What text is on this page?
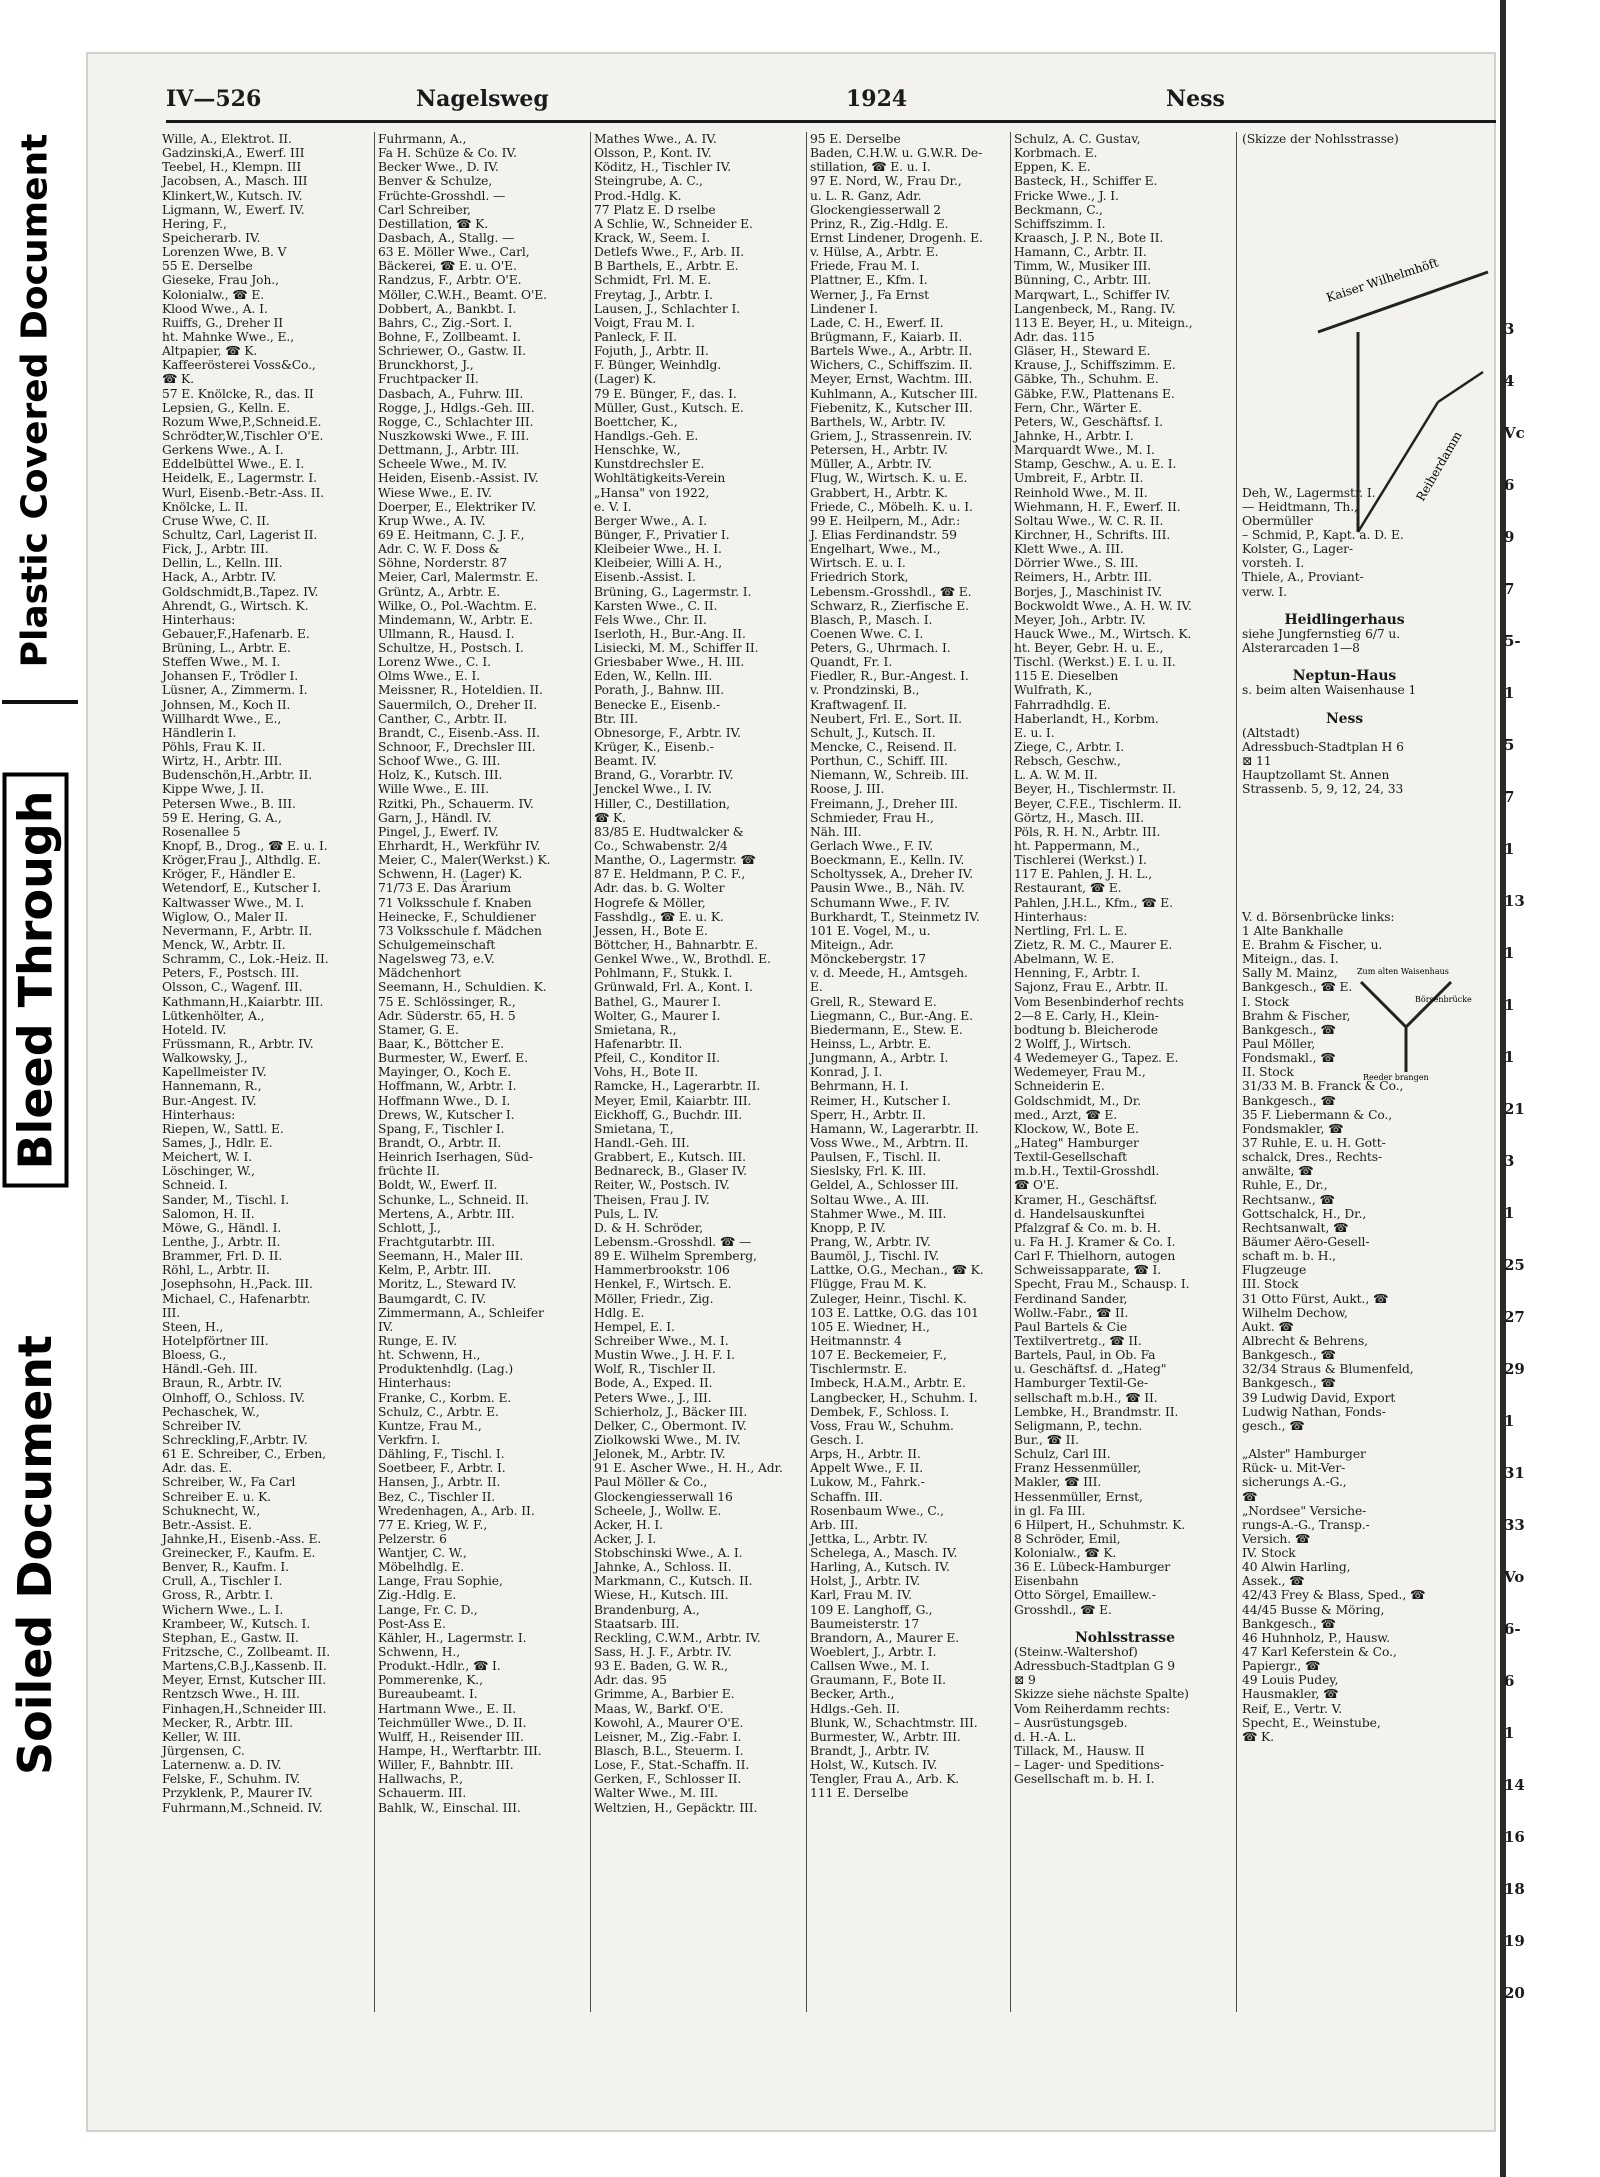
Plastic Covered Document
Bleed Through
Soiled Document
IV—526	Nagelsweg	1924	Ness
Wille, A., Elektrot. II.
Gadzinski,A., Ewerf. III
Teebel, H., Klempn. III
Jacobsen, A., Masch. III
Klinkert,W., Kutsch. IV.
Ligmann, W., Ewerf. IV.
Hering, F.,
Speicherarb. IV.
Lorenzen Wwe, B. V
55 E. Derselbe
Gieseke, Frau Joh.,
Kolonialw., ☎ E.
Klood Wwe., A. I.
Ruiffs, G., Dreher II
ht. Mahnke Wwe., E.,
Altpapier, ☎ K.
Kaffeerösterei Voss&Co.,
☎ K.
57 E. Knölcke, R., das. II
Lepsien, G., Kelln. E.
Rozum Wwe,P.,Schneid.E.
Schrödter,W.,Tischler O'E.
Gerkens Wwe., A. I.
Eddelbüttel Wwe., E. I.
Heidelk, E., Lagermstr. I.
Wurl, Eisenb.-Betr.-Ass. II.
Knölcke, L. II.
Cruse Wwe, C. II.
Schultz, Carl, Lagerist II.
Fick, J., Arbtr. III.
Dellin, L., Kelln. III.
Hack, A., Arbtr. IV.
Goldschmidt,B.,Tapez. IV.
Ahrendt, G., Wirtsch. K.
Hinterhaus:
Gebauer,F.,Hafenarb. E.
Brüning, L., Arbtr. E.
Steffen Wwe., M. I.
Johansen F., Trödler I.
Lüsner, A., Zimmerm. I.
Johnsen, M., Koch II.
Willhardt Wwe., E.,
Händlerin I.
Pöhls, Frau K. II.
Wirtz, H., Arbtr. III.
Budenschön,H.,Arbtr. II.
Kippe Wwe, J. II.
Petersen Wwe., B. III.
59 E. Hering, G. A.,
Rosenallee 5
Knopf, B., Drog., ☎ E. u. I.
Kröger,Frau J., Althdlg. E.
Kröger, F., Händler E.
Wetendorf, E., Kutscher I.
Kaltwasser Wwe., M. I.
Wiglow, O., Maler II.
Nevermann, F., Arbtr. II.
Menck, W., Arbtr. II.
Schramm, C., Lok.-Heiz. II.
Peters, F., Postsch. III.
Olsson, C., Wagenf. III.
Kathmann,H.,Kaiarbtr. III.
Lütkenhölter, A.,
Hoteld. IV.
Früssmann, R., Arbtr. IV.
Walkowsky, J.,
Kapellmeister IV.
Hannemann, R.,
Bur.-Angest. IV.
Hinterhaus:
Riepen, W., Sattl. E.
Sames, J., Hdlr. E.
Meichert, W. I.
Löschinger, W.,
Schneid. I.
Sander, M., Tischl. I.
Salomon, H. II.
Möwe, G., Händl. I.
Lenthe, J., Arbtr. II.
Brammer, Frl. D. II.
Röhl, L., Arbtr. II.
Josephsohn, H.,Pack. III.
Michael, C., Hafenarbtr.
III.
Steen, H.,
Hotelpförtner III.
Bloess, G.,
Händl.-Geh. III.
Braun, R., Arbtr. IV.
Olnhoff, O., Schloss. IV.
Pechaschek, W.,
Schreiber IV.
Schreckling,F.,Arbtr. IV.
61 E. Schreiber, C., Erben,
Adr. das. E.
Schreiber, W., Fa Carl
Schreiber E. u. K.
Schuknecht, W.,
Betr.-Assist. E.
Jahnke,H., Eisenb.-Ass. E.
Greinecker, F., Kaufm. E.
Benver, R., Kaufm. I.
Crull, A., Tischler I.
Gross, R., Arbtr. I.
Wichern Wwe., L. I.
Krambeer, W., Kutsch. I.
Stephan, E., Gastw. II.
Fritzsche, C., Zollbeamt. II.
Martens,C.B.J.,Kassenb. II.
Meyer, Ernst, Kutscher III.
Rentzsch Wwe., H. III.
Finhagen,H.,Schneider III.
Mecker, R., Arbtr. III.
Keller, W. III.
Jürgensen, C.
Laternenw. a. D. IV.
Felske, F., Schuhm. IV.
Przyklenk, P., Maurer IV.
Fuhrmann,M.,Schneid. IV.
Fuhrmann, A.,
Fa H. Schüze & Co. IV.
Becker Wwe., D. IV.
Benver & Schulze,
Früchte-Grosshdl. —
Carl Schreiber,
Destillation, ☎ K.
Dasbach, A., Stallg. —
63 E. Möller Wwe., Carl,
Bäckerei, ☎ E. u. O'E.
Randzus, F., Arbtr. O'E.
Möller, C.W.H., Beamt. O'E.
Dobbert, A., Bankbt. I.
Bahrs, C., Zig.-Sort. I.
Bohne, F., Zollbeamt. I.
Schriewer, O., Gastw. II.
Brunckhorst, J.,
Fruchtpacker II.
Dasbach, A., Fuhrw. III.
Rogge, J., Hdlgs.-Geh. III.
Rogge, C., Schlachter III.
Nuszkowski Wwe., F. III.
Dettmann, J., Arbtr. III.
Scheele Wwe., M. IV.
Heiden, Eisenb.-Assist. IV.
Wiese Wwe., E. IV.
Doerper, E., Elektriker IV.
Krup Wwe., A. IV.
69 E. Heitmann, C. J. F.,
Adr. C. W. F. Doss &
Söhne, Norderstr. 87
Meier, Carl, Malermstr. E.
Grüntz, A., Arbtr. E.
Wilke, O., Pol.-Wachtm. E.
Mindemann, W., Arbtr. E.
Ullmann, R., Hausd. I.
Schultze, H., Postsch. I.
Lorenz Wwe., C. I.
Olms Wwe., E. I.
Meissner, R., Hoteldien. II.
Sauermilch, O., Dreher II.
Canther, C., Arbtr. II.
Brandt, C., Eisenb.-Ass. II.
Schnoor, F., Drechsler III.
Schoof Wwe., G. III.
Holz, K., Kutsch. III.
Wille Wwe., E. III.
Rzitki, Ph., Schauerm. IV.
Garn, J., Händl. IV.
Pingel, J., Ewerf. IV.
Ehrhardt, H., Werkführ IV.
Meier, C., Maler(Werkst.) K.
Schwenn, H. (Lager) K.
71/73 E. Das Ärarium
71 Volksschule f. Knaben
Heinecke, F., Schuldiener
73 Volksschule f. Mädchen
Schulgemeinschaft
Nagelsweg 73, e.V.
Mädchenhort
Seemann, H., Schuldien. K.
75 E. Schlössinger, R.,
Adr. Süderstr. 65, H. 5
Stamer, G. E.
Baar, K., Böttcher E.
Burmester, W., Ewerf. E.
Mayinger, O., Koch E.
Hoffmann, W., Arbtr. I.
Hoffmann Wwe., D. I.
Drews, W., Kutscher I.
Spang, F., Tischler I.
Brandt, O., Arbtr. II.
Heinrich Iserhagen, Süd-
früchte II.
Boldt, W., Ewerf. II.
Schunke, L., Schneid. II.
Mertens, A., Arbtr. III.
Schlott, J.,
Frachtgutarbtr. III.
Seemann, H., Maler III.
Kelm, P., Arbtr. III.
Moritz, L., Steward IV.
Baumgardt, C. IV.
Zimmermann, A., Schleifer
IV.
Runge, E. IV.
ht. Schwenn, H.,
Produktenhdlg. (Lag.)
Hinterhaus:
Franke, C., Korbm. E.
Schulz, C., Arbtr. E.
Kuntze, Frau M.,
Verkfrn. I.
Dähling, F., Tischl. I.
Soetbeer, F., Arbtr. I.
Hansen, J., Arbtr. II.
Bez, C., Tischler II.
Wredenhagen, A., Arb. II.
77 E. Krieg, W. F.,
Pelzerstr. 6
Wantjer, C. W.,
Möbelhdlg. E.
Lange, Frau Sophie,
Zig.-Hdlg. E.
Lange, Fr. C. D.,
Post-Ass E.
Kähler, H., Lagermstr. I.
Schwenn, H.,
Produkt.-Hdlr., ☎ I.
Pommerenke, K.,
Bureaubeamt. I.
Hartmann Wwe., E. II.
Teichmüller Wwe., D. II.
Wulff, H., Reisender III.
Hampe, H., Werftarbtr. III.
Willer, F., Bahnbtr. III.
Hallwachs, P.,
Schauerm. III.
Bahlk, W., Einschal. III.
Mathes Wwe., A. IV.
Olsson, P., Kont. IV.
Köditz, H., Tischler IV.
Steingrube, A. C.,
Prod.-Hdlg. K.
77 Platz E. D rselbe
A Schlie, W., Schneider E.
Krack, W., Seem. I.
Detlefs Wwe., F., Arb. II.
B Barthels, E., Arbtr. E.
Schmidt, Frl. M. E.
Freytag, J., Arbtr. I.
Lausen, J., Schlachter I.
Voigt, Frau M. I.
Panleck, F. II.
Fojuth, J., Arbtr. II.
F. Bünger, Weinhdlg.
(Lager) K.
79 E. Bünger, F., das. I.
Müller, Gust., Kutsch. E.
Boettcher, K.,
Handlgs.-Geh. E.
Henschke, W.,
Kunstdrechsler E.
Wohltätigkeits-Verein
„Hansa" von 1922,
e. V. I.
Berger Wwe., A. I.
Bünger, F., Privatier I.
Kleibeier Wwe., H. I.
Kleibeier, Willi A. H.,
Eisenb.-Assist. I.
Brüning, G., Lagermstr. I.
Karsten Wwe., C. II.
Fels Wwe., Chr. II.
Iserloth, H., Bur.-Ang. II.
Lisiecki, M. M., Schiffer II.
Griesbaber Wwe., H. III.
Eden, W., Kelln. III.
Porath, J., Bahnw. III.
Benecke E., Eisenb.-
Btr. III.
Obnesorge, F., Arbtr. IV.
Krüger, K., Eisenb.-
Beamt. IV.
Brand, G., Vorarbtr. IV.
Jenckel Wwe., I. IV.
Hiller, C., Destillation,
☎ K.
83/85 E. Hudtwalcker &
Co., Schwabenstr. 2/4
Manthe, O., Lagermstr. ☎
87 E. Heldmann, P. C. F.,
Adr. das. b. G. Wolter
Hogrefe & Möller,
Fasshdlg., ☎ E. u. K.
Jessen, H., Bote E.
Böttcher, H., Bahnarbtr. E.
Genkel Wwe., W., Brothdl. E.
Pohlmann, F., Stukk. I.
Grünwald, Frl. A., Kont. I.
Bathel, G., Maurer I.
Wolter, G., Maurer I.
Smietana, R.,
Hafenarbtr. II.
Pfeil, C., Konditor II.
Vohs, H., Bote II.
Ramcke, H., Lagerarbtr. II.
Meyer, Emil, Kaiarbtr. III.
Eickhoff, G., Buchdr. III.
Smietana, T.,
Handl.-Geh. III.
Grabbert, E., Kutsch. III.
Bednareck, B., Glaser IV.
Reiter, W., Postsch. IV.
Theisen, Frau J. IV.
Puls, L. IV.
D. & H. Schröder,
Lebensm.-Grosshdl. ☎ —
89 E. Wilhelm Spremberg,
Hammerbrookstr. 106
Henkel, F., Wirtsch. E.
Möller, Friedr., Zig.
Hdlg. E.
Hempel, E. I.
Schreiber Wwe., M. I.
Mustin Wwe., J. H. F. I.
Wolf, R., Tischler II.
Bode, A., Exped. II.
Peters Wwe., J., III.
Schierholz, J., Bäcker III.
Delker, C., Obermont. IV.
Ziolkowski Wwe., M. IV.
Jelonek, M., Arbtr. IV.
91 E. Ascher Wwe., H. H., Adr.
Paul Möller & Co.,
Glockengiesserwall 16
Scheele, J., Wollw. E.
Acker, H. I.
Acker, J. I.
Stobschinski Wwe., A. I.
Jahnke, A., Schloss. II.
Markmann, C., Kutsch. II.
Wiese, H., Kutsch. III.
Brandenburg, A.,
Staatsarb. III.
Reckling, C.W.M., Arbtr. IV.
Sass, H. J. F., Arbtr. IV.
93 E. Baden, G. W. R.,
Adr. das. 95
Grimme, A., Barbier E.
Maas, W., Barkf. O'E.
Kowohl, A., Maurer O'E.
Leisner, M., Zig.-Fabr. I.
Blasch, B.L., Steuerm. I.
Lose, F., Stat.-Schaffn. II.
Gerken, F., Schlosser II.
Walter Wwe., M. III.
Weltzien, H., Gepäcktr. III.
95 E. Derselbe
Baden, C.H.W. u. G.W.R. De-
stillation, ☎ E. u. I.
97 E. Nord, W., Frau Dr.,
u. L. R. Ganz, Adr.
Glockengiesserwall 2
Prinz, R., Zig.-Hdlg. E.
Ernst Lindener, Drogenh. E.
v. Hülse, A., Arbtr. E.
Friede, Frau M. I.
Plattner, E., Kfm. I.
Werner, J., Fa Ernst
Lindener I.
Lade, C. H., Ewerf. II.
Brügmann, F., Kaiarb. II.
Bartels Wwe., A., Arbtr. II.
Wichers, C., Schiffszim. II.
Meyer, Ernst, Wachtm. III.
Kuhlmann, A., Kutscher III.
Fiebenitz, K., Kutscher III.
Barthels, W., Arbtr. IV.
Griem, J., Strassenrein. IV.
Petersen, H., Arbtr. IV.
Müller, A., Arbtr. IV.
Flug, W., Wirtsch. K. u. E.
Grabbert, H., Arbtr. K.
Friede, C., Möbelh. K. u. I.
99 E. Heilpern, M., Adr.:
J. Elias Ferdinandstr. 59
Engelhart, Wwe., M.,
Wirtsch. E. u. I.
Friedrich Stork,
Lebensm.-Grosshdl., ☎ E.
Schwarz, R., Zierfische E.
Blasch, P., Masch. I.
Coenen Wwe. C. I.
Peters, G., Uhrmach. I.
Quandt, Fr. I.
Fiedler, R., Bur.-Angest. I.
v. Prondzinski, B.,
Kraftwagenf. II.
Neubert, Frl. E., Sort. II.
Schult, J., Kutsch. II.
Mencke, C., Reisend. II.
Porthun, C., Schiff. III.
Niemann, W., Schreib. III.
Roose, J. III.
Freimann, J., Dreher III.
Schmieder, Frau H.,
Näh. III.
Gerlach Wwe., F. IV.
Boeckmann, E., Kelln. IV.
Scholtyssek, A., Dreher IV.
Pausin Wwe., B., Näh. IV.
Schumann Wwe., F. IV.
Burkhardt, T., Steinmetz IV.
101 E. Vogel, M., u.
Miteign., Adr.
Mönckebergstr. 17
v. d. Meede, H., Amtsgeh.
E.
Grell, R., Steward E.
Liegmann, C., Bur.-Ang. E.
Biedermann, E., Stew. E.
Heinss, L., Arbtr. E.
Jungmann, A., Arbtr. I.
Konrad, J. I.
Behrmann, H. I.
Reimer, H., Kutscher I.
Sperr, H., Arbtr. II.
Hamann, W., Lagerarbtr. II.
Voss Wwe., M., Arbtrn. II.
Paulsen, F., Tischl. II.
Sieslsky, Frl. K. III.
Geldel, A., Schlosser III.
Soltau Wwe., A. III.
Stahmer Wwe., M. III.
Knopp, P. IV.
Prang, W., Arbtr. IV.
Baumöl, J., Tischl. IV.
Lattke, O.G., Mechan., ☎ K.
Flügge, Frau M. K.
Zuleger, Heinr., Tischl. K.
103 E. Lattke, O.G. das 101
105 E. Wiedner, H.,
Heitmannstr. 4
107 E. Beckemeier, F.,
Tischlermstr. E.
Imbeck, H.A.M., Arbtr. E.
Langbecker, H., Schuhm. I.
Dembek, F., Schloss. I.
Voss, Frau W., Schuhm.
Gesch. I.
Arps, H., Arbtr. II.
Appelt Wwe., F. II.
Lukow, M., Fahrk.-
Schaffn. III.
Rosenbaum Wwe., C.,
Arb. III.
Jettka, L., Arbtr. IV.
Schelega, A., Masch. IV.
Harling, A., Kutsch. IV.
Holst, J., Arbtr. IV.
Karl, Frau M. IV.
109 E. Langhoff, G.,
Baumeisterstr. 17
Brandorn, A., Maurer E.
Woeblert, J., Arbtr. I.
Callsen Wwe., M. I.
Graumann, F., Bote II.
Becker, Arth.,
Hdlgs.-Geh. II.
Blunk, W., Schachtmstr. III.
Burmester, W., Arbtr. III.
Brandt, J., Arbtr. IV.
Holst, W., Kutsch. IV.
Tengler, Frau A., Arb. K.
111 E. Derselbe
Schulz, A. C. Gustav,
Korbmach. E.
Eppen, K. E.
Basteck, H., Schiffer E.
Fricke Wwe., J. I.
Beckmann, C.,
Schiffszimm. I.
Kraasch, J. P. N., Bote II.
Hamann, C., Arbtr. II.
Timm, W., Musiker III.
Bünning, C., Arbtr. III.
Marqwart, L., Schiffer IV.
Langenbeck, M., Rang. IV.
113 E. Beyer, H., u. Miteign.,
Adr. das. 115
Gläser, H., Steward E.
Krause, J., Schiffszimm. E.
Gäbke, Th., Schuhm. E.
Gäbke, F.W., Plattenans E.
Fern, Chr., Wärter E.
Peters, W., Geschäftsf. I.
Jahnke, H., Arbtr. I.
Marquardt Wwe., M. I.
Stamp, Geschw., A. u. E. I.
Umbreit, F., Arbtr. II.
Reinhold Wwe., M. II.
Wiehmann, H. F., Ewerf. II.
Soltau Wwe., W. C. R. II.
Kirchner, H., Schrifts. III.
Klett Wwe., A. III.
Dörrier Wwe., S. III.
Reimers, H., Arbtr. III.
Borjes, J., Maschinist IV.
Bockwoldt Wwe., A. H. W. IV.
Meyer, Joh., Arbtr. IV.
Hauck Wwe., M., Wirtsch. K.
ht. Beyer, Gebr. H. u. E.,
Tischl. (Werkst.) E. I. u. II.
115 E. Dieselben
Wulfrath, K.,
Fahrradhdlg. E.
Haberlandt, H., Korbm.
E. u. I.
Ziege, C., Arbtr. I.
Rebsch, Geschw.,
L. A. W. M. II.
Beyer, H., Tischlermstr. II.
Beyer, C.F.E., Tischlerm. II.
Görtz, H., Masch. III.
Pöls, R. H. N., Arbtr. III.
ht. Pappermann, M.,
Tischlerei (Werkst.) I.
117 E. Pahlen, J. H. L.,
Restaurant, ☎ E.
Pahlen, J.H.L., Kfm., ☎ E.
Hinterhaus:
Nertling, Frl. L. E.
Zietz, R. M. C., Maurer E.
Abelmann, W. E.
Henning, F., Arbtr. I.
Sajonz, Frau E., Arbtr. II.
Vom Besenbinderhof rechts
2—8 E. Carly, H., Klein-
bodtung b. Bleicherode
2 Wolff, J., Wirtsch.
4 Wedemeyer G., Tapez. E.
Wedemeyer, Frau M.,
Schneiderin E.
Goldschmidt, M., Dr.
med., Arzt, ☎ E.
Klockow, W., Bote E.
„Hateg" Hamburger
Textil-Gesellschaft
m.b.H., Textil-Grosshdl.
☎ O'E.
Kramer, H., Geschäftsf.
d. Handelsauskunftei
Pfalzgraf & Co. m. b. H.
u. Fa H. J. Kramer & Co. I.
Carl F. Thielhorn, autogen
Schweissapparate, ☎ I.
Specht, Frau M., Schausp. I.
Ferdinand Sander,
Wollw.-Fabr., ☎ II.
Paul Bartels & Cie
Textilvertretg., ☎ II.
Bartels, Paul, in Ob. Fa
u. Geschäftsf. d. „Hateg"
Hamburger Textil-Ge-
sellschaft m.b.H., ☎ II.
Lembke, H., Brandmstr. II.
Seligmann, P., techn.
Bur., ☎ II.
Schulz, Carl III.
Franz Hessenmüller,
Makler, ☎ III.
Hessenmüller, Ernst,
in gl. Fa III.
6 Hilpert, H., Schuhmstr. K.
8 Schröder, Emil,
Kolonialw., ☎ K.
36 E. Lübeck-Hamburger
Eisenbahn
Otto Sörgel, Emaillew.-
Grosshdl., ☎ E.
Nohlsstrasse
(Steinw.-Waltershof)
Adressbuch-Stadtplan G 9
⊠ 9
Skizze siehe nächste Spalte)
Vom Reiherdamm rechts:
– Ausrüstungsgeb.
d. H.-A. L.
Tillack, M., Hausw. II
– Lager- und Speditions-
Gesellschaft m. b. H. I.
(Skizze der Nohlsstrasse)
Deh, W., Lagermstr. I.
— Heidtmann, Th.,
Obermüller
– Schmid, P., Kapt. a. D. E.
Kolster, G., Lager-
vorsteh. I.
Thiele, A., Proviant-
verw. I.
Heidlingerhaus
siehe Jungfernstieg 6/7 u.
Alsterarcaden 1—8
Neptun-Haus
s. beim alten Waisenhause 1
Ness
(Altstadt)
Adressbuch-Stadtplan H 6
⊠ 11
Hauptzollamt St. Annen
Strassenb. 5, 9, 12, 24, 33
V. d. Börsenbrücke links:
1 Alte Bankhalle
E. Brahm & Fischer, u.
Miteign., das. I.
Sally M. Mainz,
Bankgesch., ☎ E.
I. Stock
Brahm & Fischer,
Bankgesch., ☎
Paul Möller,
Fondsmakl., ☎
II. Stock
31/33 M. B. Franck & Co.,
Bankgesch., ☎
35 F. Liebermann & Co.,
Fondsmakler, ☎
37 Ruhle, E. u. H. Gott-
schalck, Dres., Rechts-
anwälte, ☎
Ruhle, E., Dr.,
Rechtsanw., ☎
Gottschalck, H., Dr.,
Rechtsanwalt, ☎
Bäumer Aëro-Gesell-
schaft m. b. H.,
Flugzeuge
III. Stock
31 Otto Fürst, Aukt., ☎
Wilhelm Dechow,
Aukt. ☎
Albrecht & Behrens,
Bankgesch., ☎
32/34 Straus & Blumenfeld,
Bankgesch., ☎
39 Ludwig David, Export
Ludwig Nathan, Fonds-
gesch., ☎
„Alster" Hamburger
Rück- u. Mit-Ver-
sicherungs A.-G.,
☎
„Nordsee" Versiche-
rungs-A.-G., Transp.-
Versich. ☎
IV. Stock
40 Alwin Harling,
Assek., ☎
42/43 Frey & Blass, Sped., ☎
44/45 Busse & Möring,
Bankgesch., ☎
46 Huhnholz, P., Hausw.
47 Karl Keferstein & Co.,
Papiergr., ☎
49 Louis Pudey,
Hausmakler, ☎
Reif, E., Vertr. V.
Specht, E., Weinstube,
☎ K.
Kaiser Wilhelmhöft
Reiherdamm
Zum alten Waisenhaus
Börsenbrücke
Reeder brangen
3
4
Vc
6
9
7
5-
1
5
7
1
13
1
1
1
21
3
1
25
27
29
1
31
33
Vo
6-
6
1
14
16
18
19
20
